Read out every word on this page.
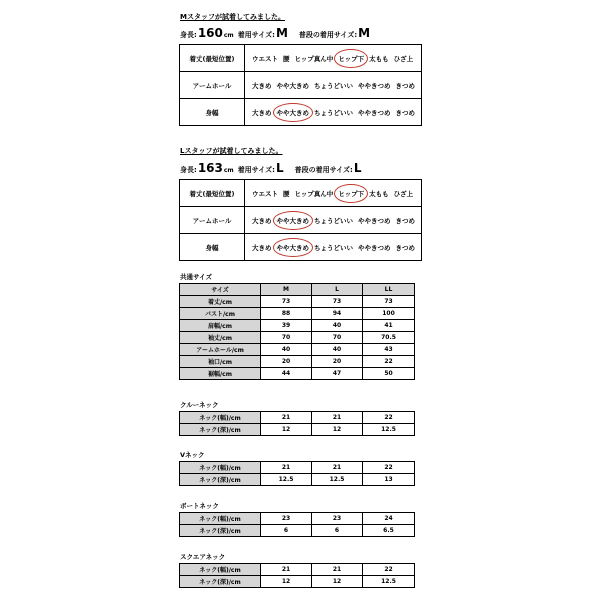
Mスタッフが試着してみました。
身長: 160 cm 着用サイズ: M 普段の着用サイズ: M
着丈(最短位置)	ウエスト 腰 ヒップ真ん中 ヒップ下 太もも ひざ上
アームホール	大きめ やや大きめ ちょうどいい ややきつめ きつめ
身幅	大きめ やや大きめ ちょうどいい ややきつめ きつめ
Lスタッフが試着してみました。
身長: 163 cm 着用サイズ: L 普段の着用サイズ: L
着丈(最短位置)	ウエスト 腰 ヒップ真ん中 ヒップ下 太もも ひざ上
アームホール	大きめ やや大きめ ちょうどいい ややきつめ きつめ
身幅	大きめ やや大きめ ちょうどいい ややきつめ きつめ
共通サイズ
サイズ	M	L	LL
着丈/cm	73	73	73
バスト/cm	88	94	100
肩幅/cm	39	40	41
袖丈/cm	70	70	70.5
アームホール/cm	40	40	43
袖口/cm	20	20	22
裾幅/cm	44	47	50
クルーネック
ネック(幅)/cm	21	21	22
ネック(深)/cm	12	12	12.5
Vネック
ネック(幅)/cm	21	21	22
ネック(深)/cm	12.5	12.5	13
ボートネック
ネック(幅)/cm	23	23	24
ネック(深)/cm	6	6	6.5
スクエアネック
ネック(幅)/cm	21	21	22
ネック(深)/cm	12	12	12.5
